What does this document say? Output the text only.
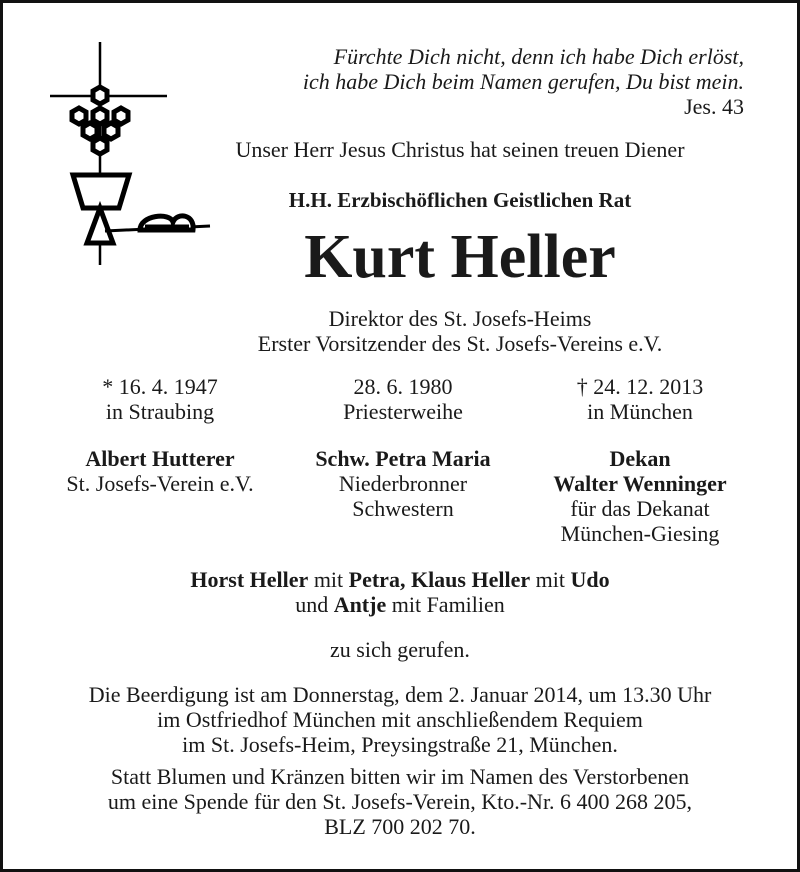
Fürchte Dich nicht, denn ich habe Dich erlöst,
ich habe Dich beim Namen gerufen, Du bist mein.
Jes. 43
Unser Herr Jesus Christus hat seinen treuen Diener
H.H. Erzbischöflichen Geistlichen Rat
Kurt Heller
Direktor des St. Josefs-Heims
Erster Vorsitzender des St. Josefs-Vereins e.V.
* 16. 4. 1947
in Straubing
28. 6. 1980
Priesterweihe
† 24. 12. 2013
in München
Albert Hutterer
St. Josefs-Verein e.V.
Schw. Petra Maria
Niederbronner
Schwestern
Dekan
Walter Wenninger
für das Dekanat
München-Giesing
Horst Heller mit Petra, Klaus Heller mit Udo
und Antje mit Familien
zu sich gerufen.
Die Beerdigung ist am Donnerstag, dem 2. Januar 2014, um 13.30 Uhr
im Ostfriedhof München mit anschließendem Requiem
im St. Josefs-Heim, Preysingstraße 21, München.
Statt Blumen und Kränzen bitten wir im Namen des Verstorbenen
um eine Spende für den St. Josefs-Verein, Kto.-Nr. 6 400 268 205,
BLZ 700 202 70.
